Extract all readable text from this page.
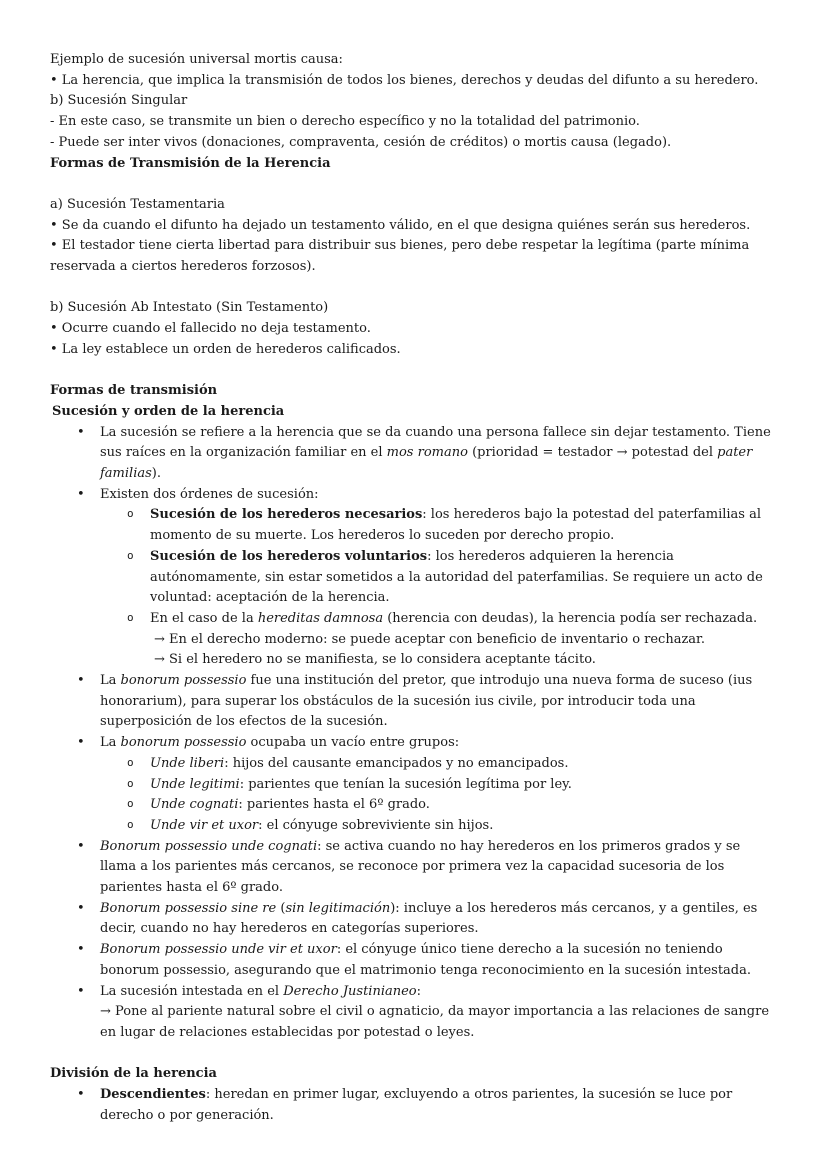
Ejemplo de sucesión universal mortis causa:

• La herencia, que implica la transmisión de todos los bienes, derechos y deudas del difunto a su heredero.

b) Sucesión Singular

- En este caso, se transmite un bien o derecho específico y no la totalidad del patrimonio.

- Puede ser inter vivos (donaciones, compraventa, cesión de créditos) o mortis causa (legado).

Formas de Transmisión de la Herencia

a) Sucesión Testamentaria

• Se da cuando el difunto ha dejado un testamento válido, en el que designa quiénes serán sus herederos.

• El testador tiene cierta libertad para distribuir sus bienes, pero debe respetar la legítima (parte mínima reservada a ciertos herederos forzosos).

b) Sucesión Ab Intestato (Sin Testamento)

• Ocurre cuando el fallecido no deja testamento.

• La ley establece un orden de herederos calificados.

Formas de transmisión

Sucesión y orden de la herencia

• La sucesión se refiere a la herencia que se da cuando una persona fallece sin dejar testamento. Tiene sus raíces en la organización familiar en el mos romano (prioridad = testador → potestad del pater familias).
• Existen dos órdenes de sucesión:
o Sucesión de los herederos necesarios: los herederos bajo la potestad del paterfamilias al momento de su muerte. Los herederos lo suceden por derecho propio.
o Sucesión de los herederos voluntarios: los herederos adquieren la herencia autónomamente, sin estar sometidos a la autoridad del paterfamilias. Se requiere un acto de voluntad: aceptación de la herencia.
o En el caso de la hereditas damnosa (herencia con deudas), la herencia podía ser rechazada.
→ En el derecho moderno: se puede aceptar con beneficio de inventario o rechazar.
→ Si el heredero no se manifiesta, se lo considera aceptante tácito.
• La bonorum possessio fue una institución del pretor, que introdujo una nueva forma de suceso (ius honorarium), para superar los obstáculos de la sucesión ius civile, por introducir toda una superposición de los efectos de la sucesión.
• La bonorum possessio ocupaba un vacío entre grupos:
o Unde liberi: hijos del causante emancipados y no emancipados.
o Unde legitimi: parientes que tenían la sucesión legítima por ley.
o Unde cognati: parientes hasta el 6º grado.
o Unde vir et uxor: el cónyuge sobreviviente sin hijos.
• Bonorum possessio unde cognati: se activa cuando no hay herederos en los primeros grados y se llama a los parientes más cercanos, se reconoce por primera vez la capacidad sucesoria de los parientes hasta el 6º grado.
• Bonorum possessio sine re (sin legitimación): incluye a los herederos más cercanos, y a gentiles, es decir, cuando no hay herederos en categorías superiores.
• Bonorum possessio unde vir et uxor: el cónyuge único tiene derecho a la sucesión no teniendo bonorum possessio, asegurando que el matrimonio tenga reconocimiento en la sucesión intestada.
• La sucesión intestada en el Derecho Justinianeo:
→ Pone al pariente natural sobre el civil o agnaticio, da mayor importancia a las relaciones de sangre en lugar de relaciones establecidas por potestad o leyes.

División de la herencia

• Descendientes: heredan en primer lugar, excluyendo a otros parientes, la sucesión se luce por derecho o por generación.
